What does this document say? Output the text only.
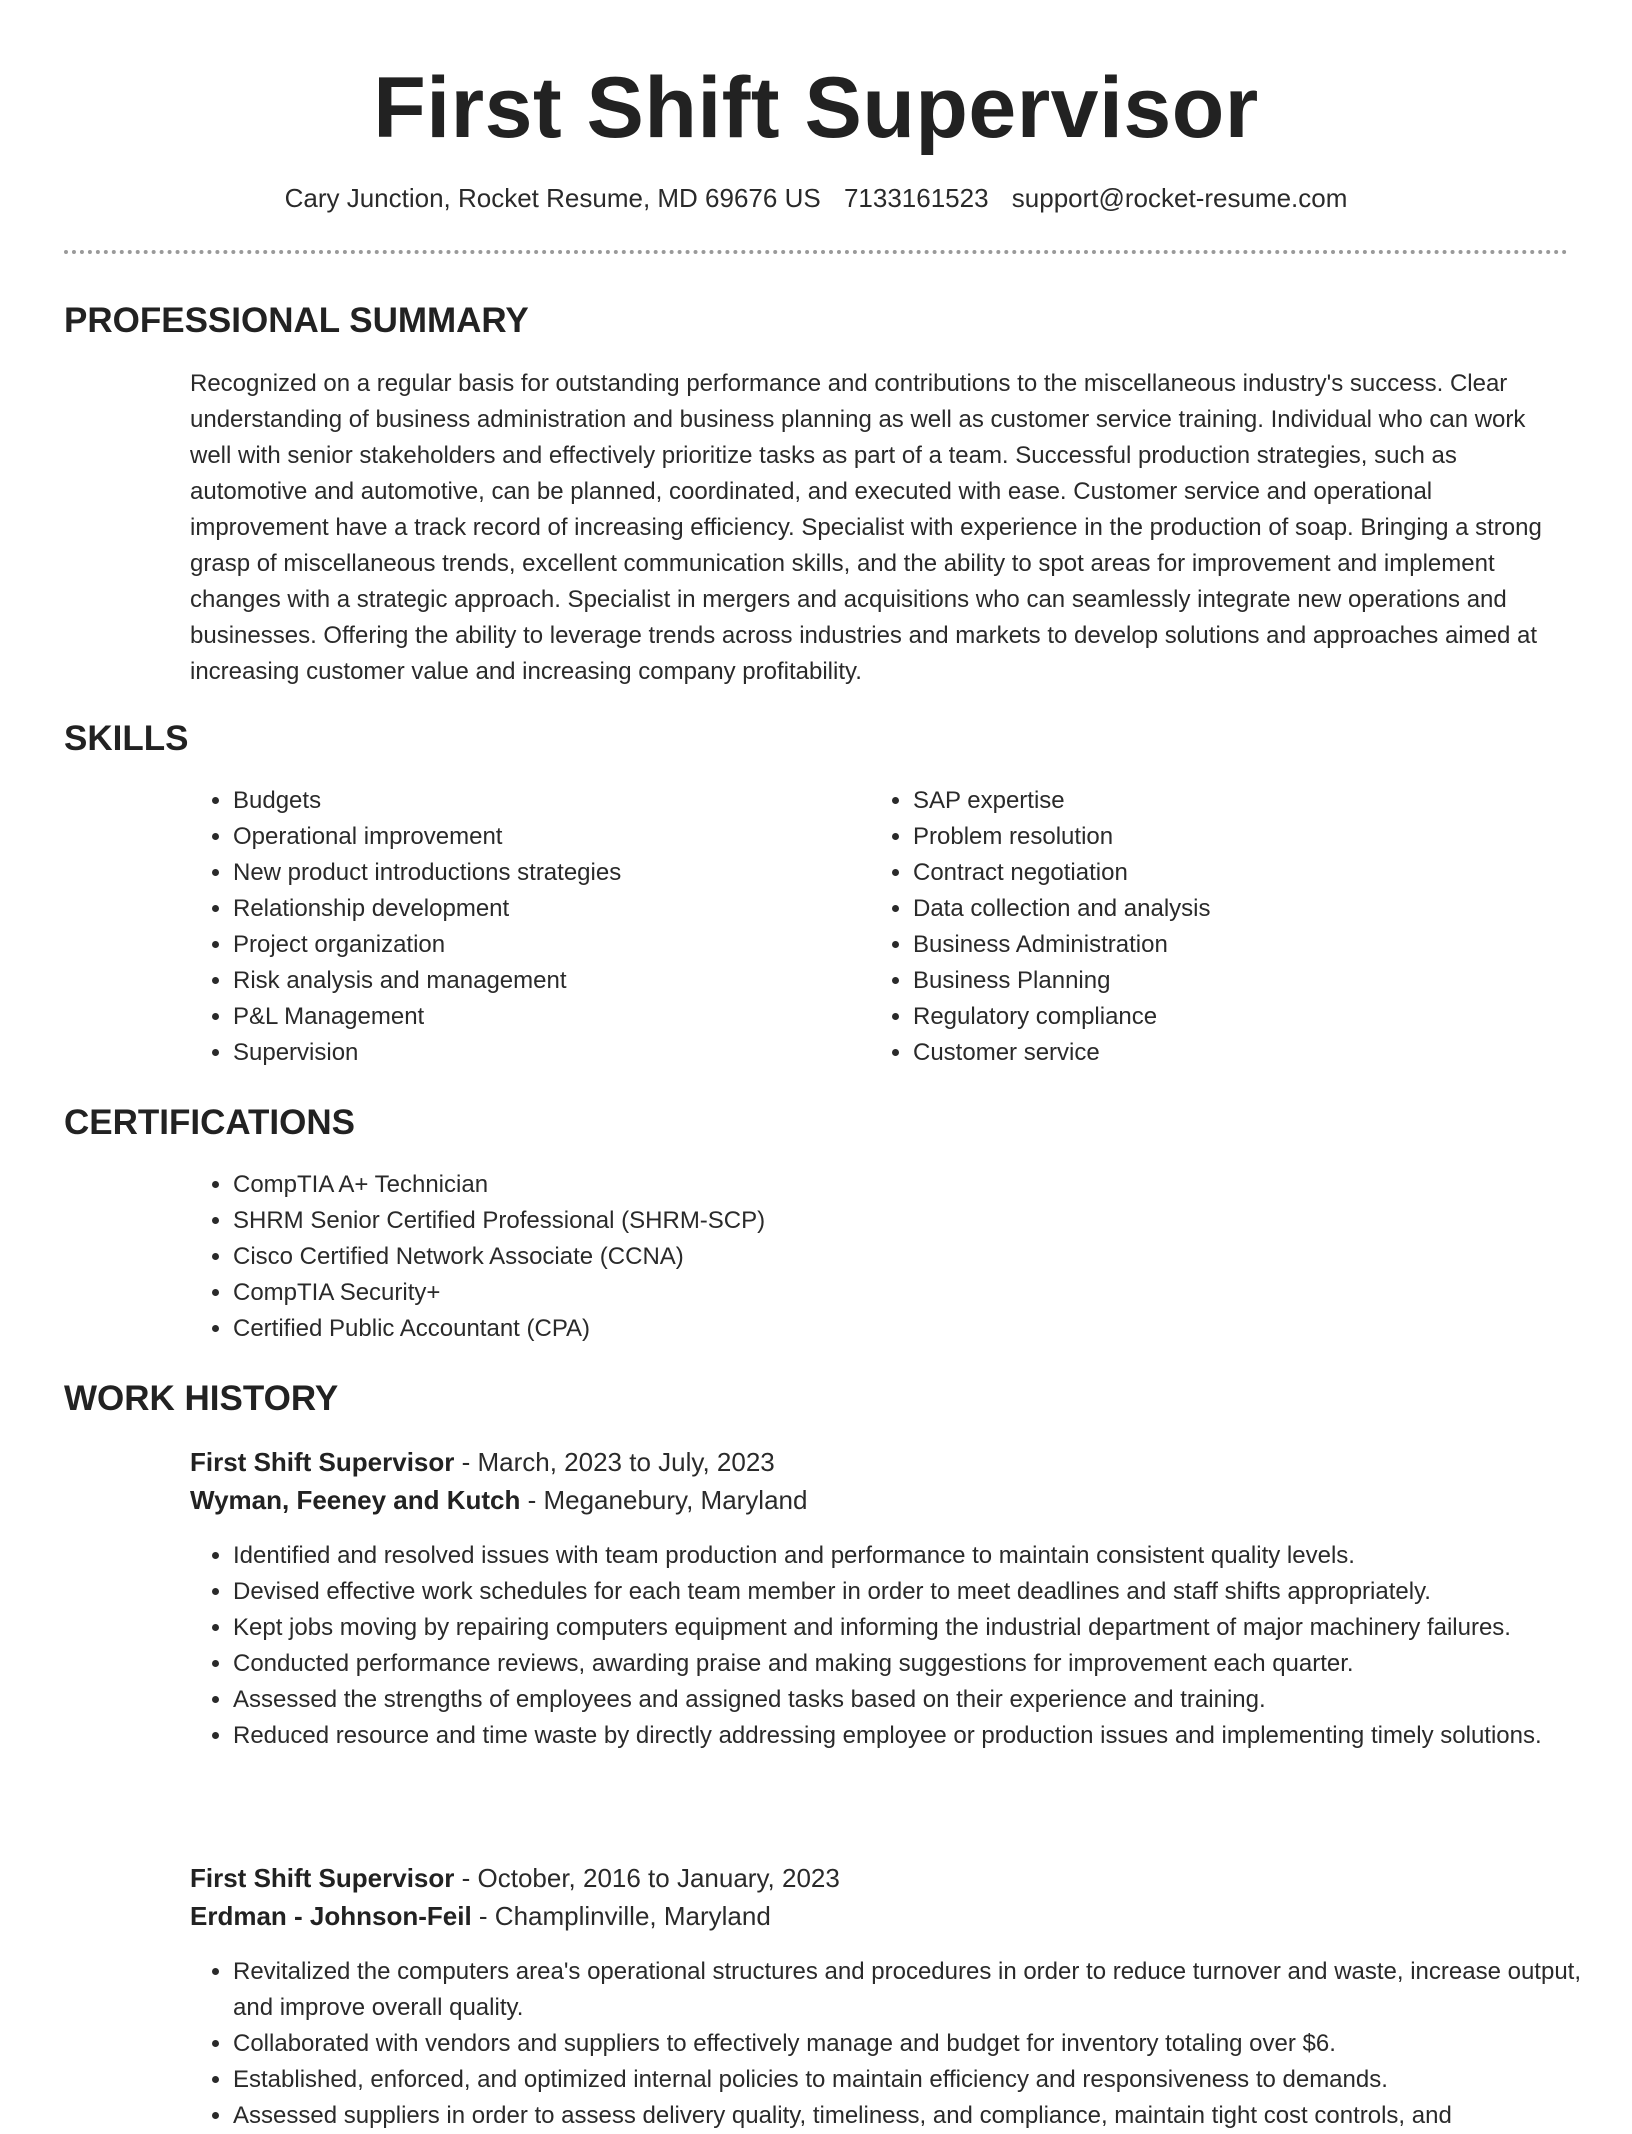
First Shift Supervisor
Cary Junction, Rocket Resume, MD 69676 US 7133161523 support@rocket-resume.com
PROFESSIONAL SUMMARY

Recognized on a regular basis for outstanding performance and contributions to the miscellaneous industry's success. Clear understanding of business administration and business planning as well as customer service training. Individual who can work well with senior stakeholders and effectively prioritize tasks as part of a team. Successful production strategies, such as automotive and automotive, can be planned, coordinated, and executed with ease. Customer service and operational improvement have a track record of increasing efficiency. Specialist with experience in the production of soap. Bringing a strong grasp of miscellaneous trends, excellent communication skills, and the ability to spot areas for improvement and implement changes with a strategic approach. Specialist in mergers and acquisitions who can seamlessly integrate new operations and businesses. Offering the ability to leverage trends across industries and markets to develop solutions and approaches aimed at increasing customer value and increasing company profitability.

SKILLS
• Budgets
• Operational improvement
• New product introductions strategies
• Relationship development
• Project organization
• Risk analysis and management
• P&L Management
• Supervision
• SAP expertise
• Problem resolution
• Contract negotiation
• Data collection and analysis
• Business Administration
• Business Planning
• Regulatory compliance
• Customer service
CERTIFICATIONS
• CompTIA A+ Technician
• SHRM Senior Certified Professional (SHRM-SCP)
• Cisco Certified Network Associate (CCNA)
• CompTIA Security+
• Certified Public Accountant (CPA)
WORK HISTORY
First Shift Supervisor - March, 2023 to July, 2023
Wyman, Feeney and Kutch - Meganebury, Maryland
• Identified and resolved issues with team production and performance to maintain consistent quality levels.
• Devised effective work schedules for each team member in order to meet deadlines and staff shifts appropriately.
• Kept jobs moving by repairing computers equipment and informing the industrial department of major machinery failures.
• Conducted performance reviews, awarding praise and making suggestions for improvement each quarter.
• Assessed the strengths of employees and assigned tasks based on their experience and training.
• Reduced resource and time waste by directly addressing employee or production issues and implementing timely solutions.
First Shift Supervisor - October, 2016 to January, 2023
Erdman - Johnson-Feil - Champlinville, Maryland
• Revitalized the computers area's operational structures and procedures in order to reduce turnover and waste, increase output, and improve overall quality.
• Collaborated with vendors and suppliers to effectively manage and budget for inventory totaling over $6.
• Established, enforced, and optimized internal policies to maintain efficiency and responsiveness to demands.
• Assessed suppliers in order to assess delivery quality, timeliness, and compliance, maintain tight cost controls, and
